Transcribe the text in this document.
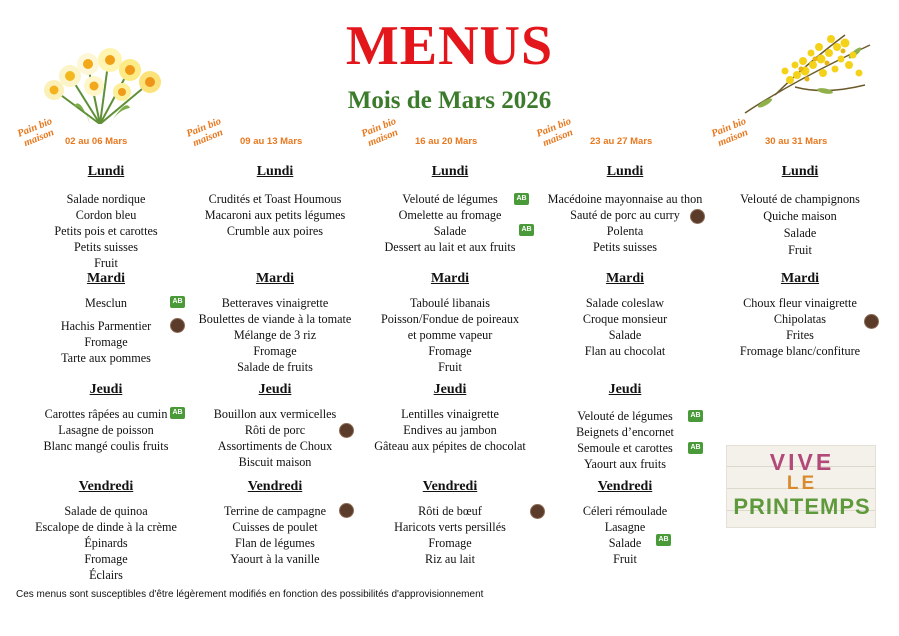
MENUS
Mois de Mars 2026
Pain bio maison 02 au 06 Mars
Lundi
Salade nordique
Cordon bleu
Petits pois et carottes
Petits suisses
Fruit
Mardi
Mesclun
Hachis Parmentier
Fromage
Tarte aux pommes
AB
Jeudi
Carottes râpées au cumin
Lasagne de poisson
Blanc mangé coulis fruits
AB
Vendredi
Salade de quinoa
Escalope de dinde à la crème
Épinards
Fromage
Éclairs
Pain bio maison	09 au 13 Mars
Lundi
Crudités et Toast Houmous
Macaroni aux petits légumes
Crumble aux poires
Mardi
Betteraves vinaigrette
Boulettes de viande à la tomate
Mélange de 3 riz
Fromage
Salade de fruits
Jeudi
Bouillon aux vermicelles
Rôti de porc
Assortiments de Choux
Biscuit maison
Vendredi
Terrine de campagne
Cuisses de poulet
Flan de légumes
Yaourt à la vanille
Pain bio maison	16 au 20 Mars
Lundi
Velouté de légumes
Omelette au fromage
Salade
Dessert au lait et aux fruits
AB
AB
Mardi
Taboulé libanais
Poisson/Fondue de poireaux
et pomme vapeur
Fromage
Fruit
Jeudi
Lentilles vinaigrette
Endives au jambon
Gâteau aux pépites de chocolat
Vendredi
Rôti de bœuf
Haricots verts persillés
Fromage
Riz au lait
Pain bio maison	23 au 27 Mars
Lundi
Macédoine mayonnaise au thon
Sauté de porc au curry
Polenta
Petits suisses
Mardi
Salade coleslaw
Croque monsieur
Salade
Flan au chocolat
Jeudi
Velouté de légumes
Beignets d’encornet
Semoule et carottes
Yaourt aux fruits
AB
AB
Vendredi
Céleri rémoulade
Lasagne
Salade
Fruit
AB
Pain bio maison	30 au 31 Mars
Lundi
Velouté de champignons
Quiche maison
Salade
Fruit
Mardi
Choux fleur vinaigrette
Chipolatas
Frites
Fromage blanc/confiture
VIVE
LE
PRINTEMPS
Ces menus sont susceptibles d'être légèrement modifiés en fonction des possibilités d'approvisionnement
